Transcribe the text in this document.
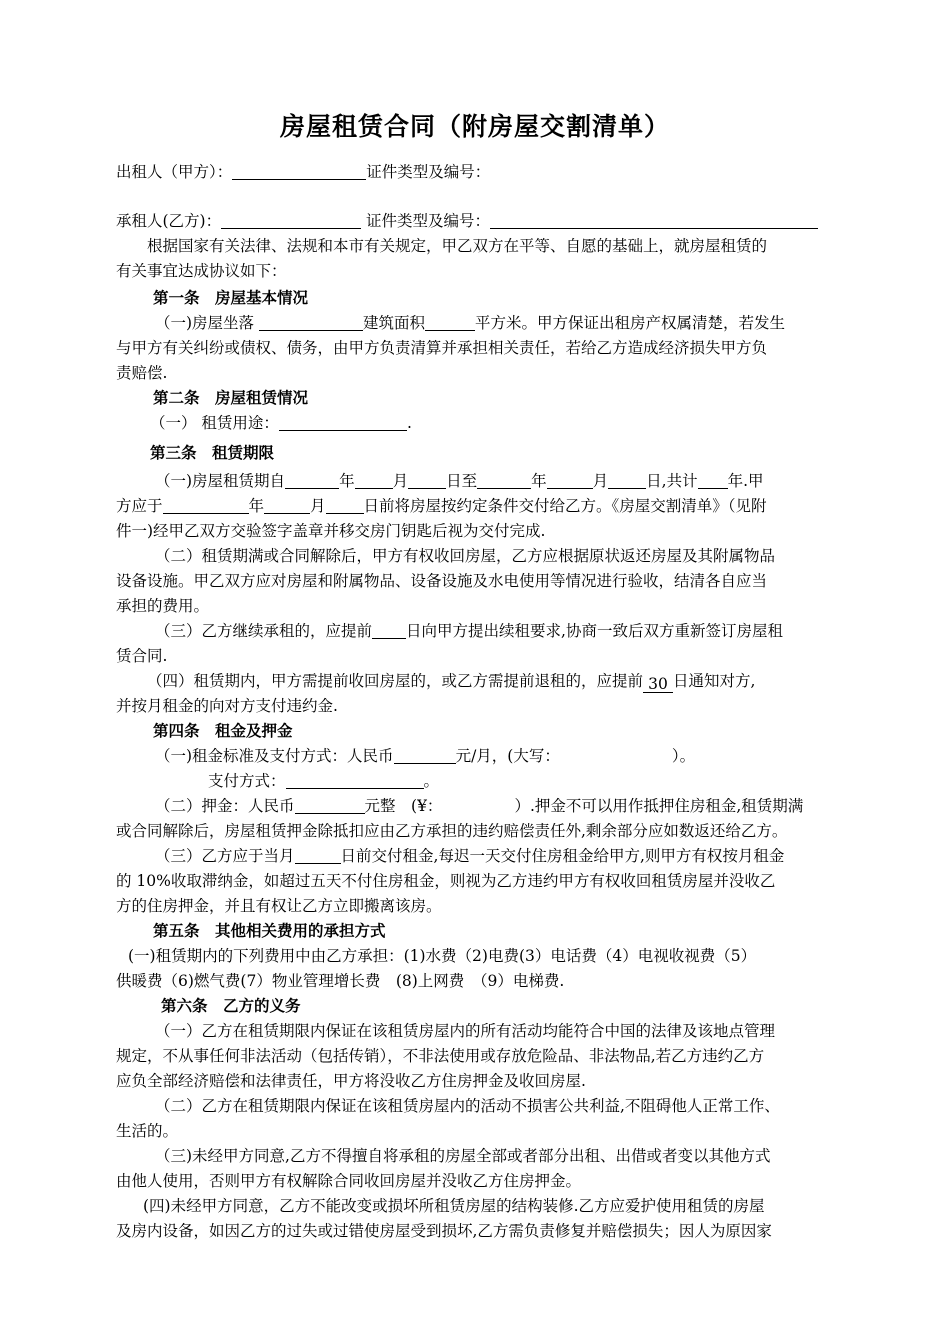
房屋租赁合同（附房屋交割清单）
出租人（甲方）：	证件类型及编号：
承租人(乙方)：	证件类型及编号：
根据国家有关法律、法规和本市有关规定，甲乙双方在平等、自愿的基础上，就房屋租赁的
有关事宜达成协议如下：
第一条　房屋基本情况
（一)房屋坐落	建筑面积	平方米。甲方保证出租房产权属清楚，若发生
与甲方有关纠纷或债权、债务，由甲方负责清算并承担相关责任，若给乙方造成经济损失甲方负
责赔偿.
第二条　房屋租赁情况
（一） 租赁用途：	.
第三条　租赁期限
（一)房屋租赁期自	年 月 日至	年	月 日,共计 年.甲
方应于	年	月 日前将房屋按约定条件交付给乙方。《房屋交割清单》（见附
件一)经甲乙双方交验签字盖章并移交房门钥匙后视为交付完成.
（二）租赁期满或合同解除后，甲方有权收回房屋，乙方应根据原状返还房屋及其附属物品
设备设施。甲乙双方应对房屋和附属物品、设备设施及水电使用等情况进行验收，结清各自应当
承担的费用。
（三）乙方继续承租的，应提前 日向甲方提出续租要求,协商一致后双方重新签订房屋租
赁合同.
（四）租赁期内，甲方需提前收回房屋的，或乙方需提前退租的，应提前 30 日通知对方,
并按月租金的向对方支付违约金.
第四条　租金及押金
（一)租金标准及支付方式：人民币	元/月，(大写：	）。
支付方式：	。
（二）押金：人民币	元整　(¥：	）.押金不可以用作抵押住房租金,租赁期满
或合同解除后，房屋租赁押金除抵扣应由乙方承担的违约赔偿责任外,剩余部分应如数返还给乙方。
（三）乙方应于当月	日前交付租金,每迟一天交付住房租金给甲方,则甲方有权按月租金
的 10%收取滞纳金，如超过五天不付住房租金，则视为乙方违约甲方有权收回租赁房屋并没收乙
方的住房押金，并且有权让乙方立即搬离该房。
第五条　其他相关费用的承担方式
(一)租赁期内的下列费用中由乙方承担：(1)水费（2)电费(3）电话费（4）电视收视费（5）
供暖费（6)燃气费(7）物业管理增长费　(8)上网费　（9）电梯费.
第六条　乙方的义务
（一）乙方在租赁期限内保证在该租赁房屋内的所有活动均能符合中国的法律及该地点管理
规定，不从事任何非法活动（包括传销），不非法使用或存放危险品、非法物品,若乙方违约乙方
应负全部经济赔偿和法律责任，甲方将没收乙方住房押金及收回房屋.
（二）乙方在租赁期限内保证在该租赁房屋内的活动不损害公共利益,不阻碍他人正常工作、
生活的。
（三)未经甲方同意,乙方不得擅自将承租的房屋全部或者部分出租、出借或者变以其他方式
由他人使用，否则甲方有权解除合同收回房屋并没收乙方住房押金。
(四)未经甲方同意，乙方不能改变或损坏所租赁房屋的结构装修.乙方应爱护使用租赁的房屋
及房内设备，如因乙方的过失或过错使房屋受到损坏,乙方需负责修复并赔偿损失；因人为原因家
